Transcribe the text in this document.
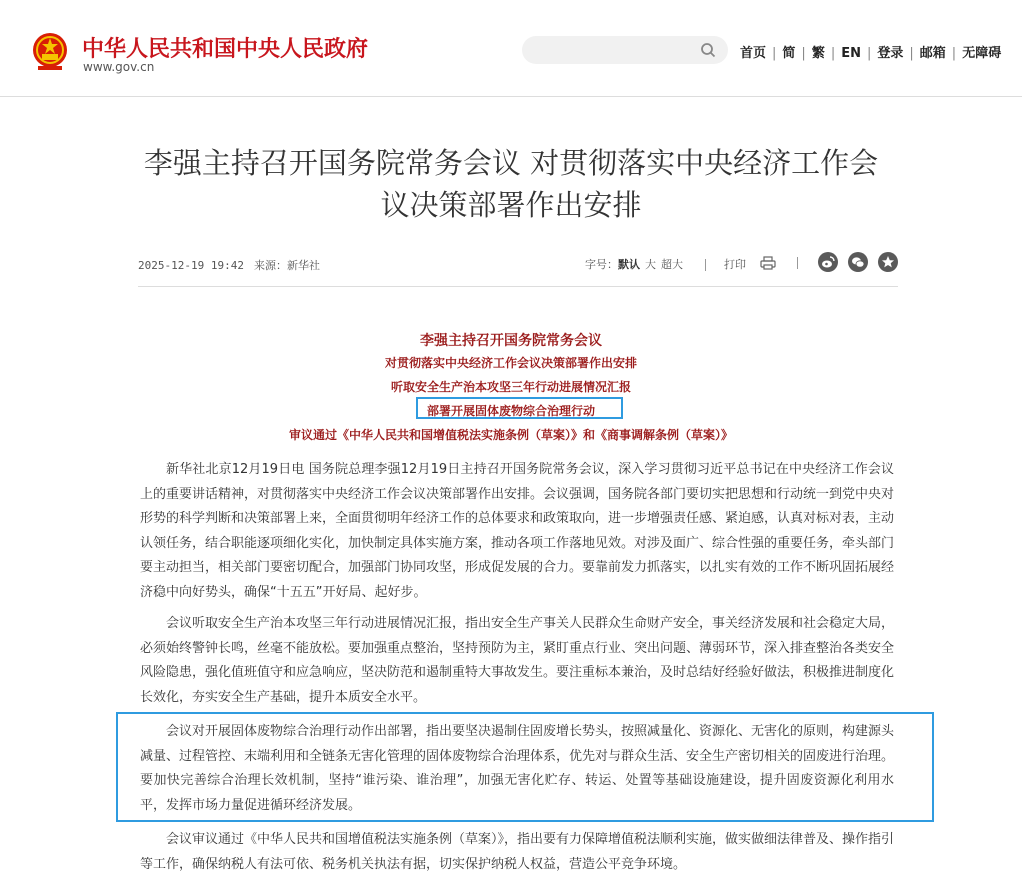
中华人民共和国中央人民政府
www.gov.cn
首页 | 简 | 繁 | EN | 登录 | 邮箱 | 无障碍
李强主持召开国务院常务会议 对贯彻落实中央经济工作会议决策部署作出安排
2025-12-19 19:42 来源：新华社	字号：默认 大 超大	打印
李强主持召开国务院常务会议
对贯彻落实中央经济工作会议决策部署作出安排
听取安全生产治本攻坚三年行动进展情况汇报
部署开展固体废物综合治理行动
审议通过《中华人民共和国增值税法实施条例（草案）》和《商事调解条例（草案）》

新华社北京12月19日电 国务院总理李强12月19日主持召开国务院常务会议，深入学习贯彻习近平总书记在中央经济工作会议上的重要讲话精神，对贯彻落实中央经济工作会议决策部署作出安排。会议强调，国务院各部门要切实把思想和行动统一到党中央对形势的科学判断和决策部署上来，全面贯彻明年经济工作的总体要求和政策取向，进一步增强责任感、紧迫感，认真对标对表，主动认领任务，结合职能逐项细化实化，加快制定具体实施方案，推动各项工作落地见效。对涉及面广、综合性强的重要任务，牵头部门要主动担当，相关部门要密切配合，加强部门协同攻坚，形成促发展的合力。要靠前发力抓落实，以扎实有效的工作不断巩固拓展经济稳中向好势头，确保“十五五”开好局、起好步。

会议听取安全生产治本攻坚三年行动进展情况汇报，指出安全生产事关人民群众生命财产安全，事关经济发展和社会稳定大局，必须始终警钟长鸣，丝毫不能放松。要加强重点整治，坚持预防为主，紧盯重点行业、突出问题、薄弱环节，深入排查整治各类安全风险隐患，强化值班值守和应急响应，坚决防范和遏制重特大事故发生。要注重标本兼治，及时总结好经验好做法，积极推进制度化长效化，夯实安全生产基础，提升本质安全水平。

会议对开展固体废物综合治理行动作出部署，指出要坚决遏制住固废增长势头，按照减量化、资源化、无害化的原则，构建源头减量、过程管控、末端利用和全链条无害化管理的固体废物综合治理体系，优先对与群众生活、安全生产密切相关的固废进行治理。要加快完善综合治理长效机制，坚持“谁污染、谁治理”，加强无害化贮存、转运、处置等基础设施建设，提升固废资源化利用水平，发挥市场力量促进循环经济发展。

会议审议通过《中华人民共和国增值税法实施条例（草案）》，指出要有力保障增值税法顺利实施，做实做细法律普及、操作指引等工作，确保纳税人有法可依、税务机关执法有据，切实保护纳税人权益，营造公平竞争环境。
